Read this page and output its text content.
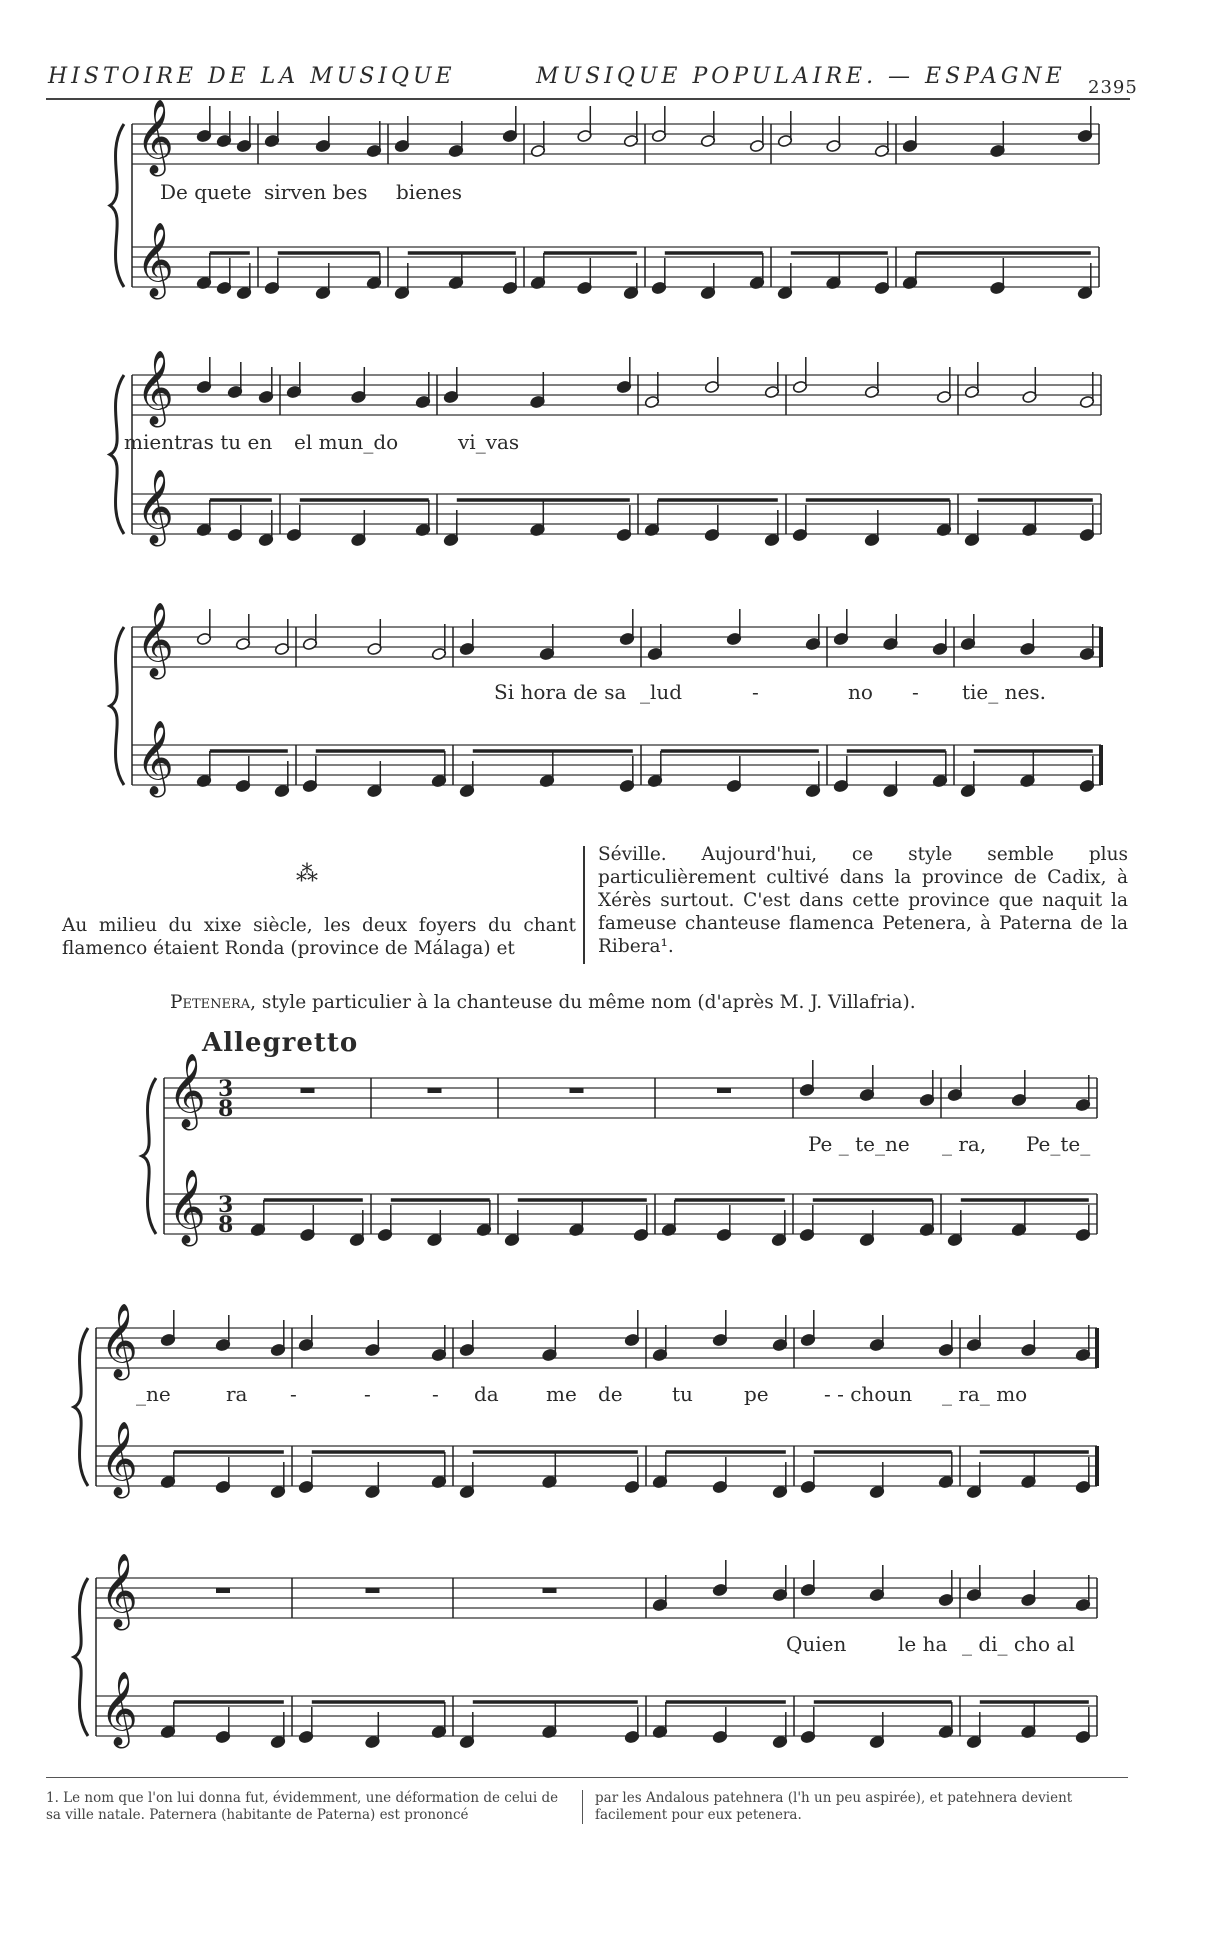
HISTOIRE DE LA MUSIQUE	MUSIQUE POPULAIRE. — ESPAGNE 2395
𝄞
𝄞
𝄞
𝄞
𝄞
𝄞
𝄞
𝄞
3
8
3
8
𝄞
𝄞
𝄞
𝄞
De quete sirven bes bienes
mientras tu en el mun_do	vi_vas
Si hora de sa _lud	-	no - tie_ nes.
⁂
Au milieu du xixe siècle, les deux foyers du chant flamenco étaient Ronda (province de Málaga) et
Séville. Aujourd'hui, ce style semble plus particulièrement cultivé dans la province de Cadix, à Xérès surtout. C'est dans cette province que naquit la fameuse chanteuse flamenca Petenera, à Paterna de la Ribera¹.
Petenera, style particulier à la chanteuse du même nom (d'après M. J. Villafria).
Allegretto
Pe _ te_ne _ ra, Pe_te_
_ne	ra -	-	- da me de tu	pe	- - choun _ ra_ mo
Quien	le ha _ di_ cho al
1. Le nom que l'on lui donna fut, évidemment, une déformation de celui de sa ville natale. Paternera (habitante de Paterna) est prononcé
par les Andalous patehnera (l'h un peu aspirée), et patehnera devient facilement pour eux petenera.
